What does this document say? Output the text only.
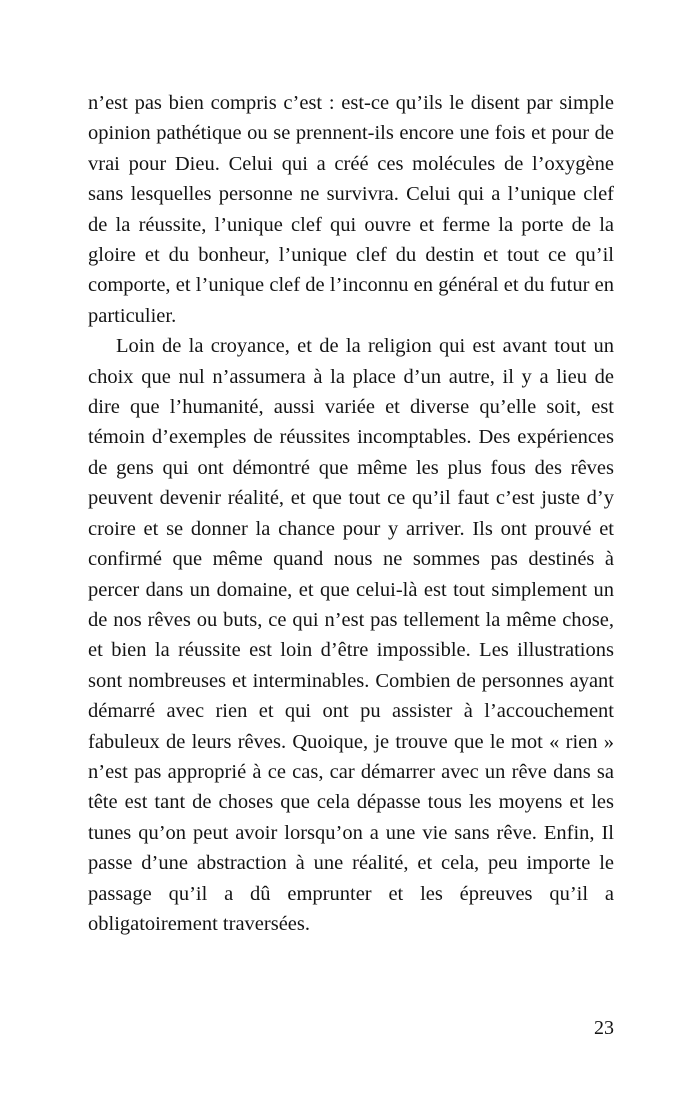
n’est pas bien compris c’est : est-ce qu’ils le disent par simple opinion pathétique ou se prennent-ils encore une fois et pour de vrai pour Dieu. Celui qui a créé ces molécules de l’oxygène sans lesquelles personne ne survivra. Celui qui a l’unique clef de la réussite, l’unique clef qui ouvre et ferme la porte de la gloire et du bonheur, l’unique clef du destin et tout ce qu’il comporte, et l’unique clef de l’inconnu en général et du futur en particulier.

Loin de la croyance, et de la religion qui est avant tout un choix que nul n’assumera à la place d’un autre, il y a lieu de dire que l’humanité, aussi variée et diverse qu’elle soit, est témoin d’exemples de réussites incomptables. Des expériences de gens qui ont démontré que même les plus fous des rêves peuvent devenir réalité, et que tout ce qu’il faut c’est juste d’y croire et se donner la chance pour y arriver. Ils ont prouvé et confirmé que même quand nous ne sommes pas destinés à percer dans un domaine, et que celui-là est tout simplement un de nos rêves ou buts, ce qui n’est pas tellement la même chose, et bien la réussite est loin d’être impossible. Les illustrations sont nombreuses et interminables. Combien de personnes ayant démarré avec rien et qui ont pu assister à l’accouchement fabuleux de leurs rêves. Quoique, je trouve que le mot « rien » n’est pas approprié à ce cas, car démarrer avec un rêve dans sa tête est tant de choses que cela dépasse tous les moyens et les tunes qu’on peut avoir lorsqu’on a une vie sans rêve. Enfin, Il passe d’une abstraction à une réalité, et cela, peu importe le passage qu’il a dû emprunter et les épreuves qu’il a obligatoirement traversées.

23
